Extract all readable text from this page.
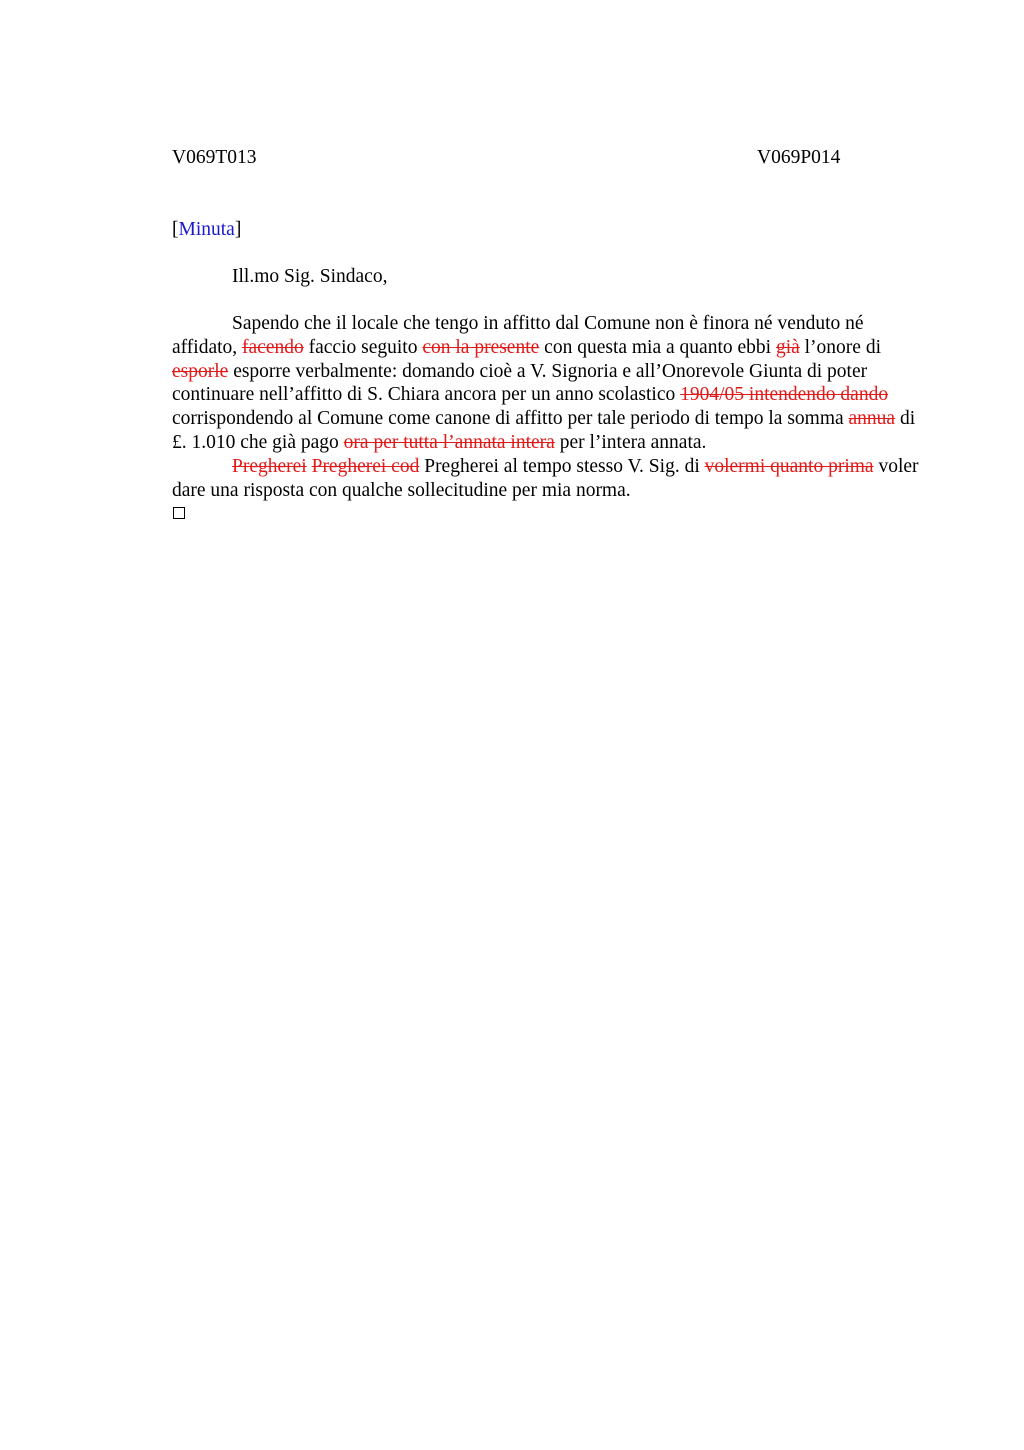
V069T013	V069P014
[Minuta]
Ill.mo Sig. Sindaco,

Sapendo che il locale che tengo in affitto dal Comune non è finora né venduto né affidato, facendo faccio seguito con la presente con questa mia a quanto ebbi già l’onore di esporle esporre verbalmente: domando cioè a V. Signoria e all’Onorevole Giunta di poter continuare nell’affitto di S. Chiara ancora per un anno scolastico 1904/05 intendendo dando corrispondendo al Comune come canone di affitto per tale periodo di tempo la somma annua di £. 1.010 che già pago ora per tutta l’annata intera per l’intera annata.

Pregherei Pregherei cod Pregherei al tempo stesso V. Sig. di volermi quanto prima voler dare una risposta con qualche sollecitudine per mia norma.
